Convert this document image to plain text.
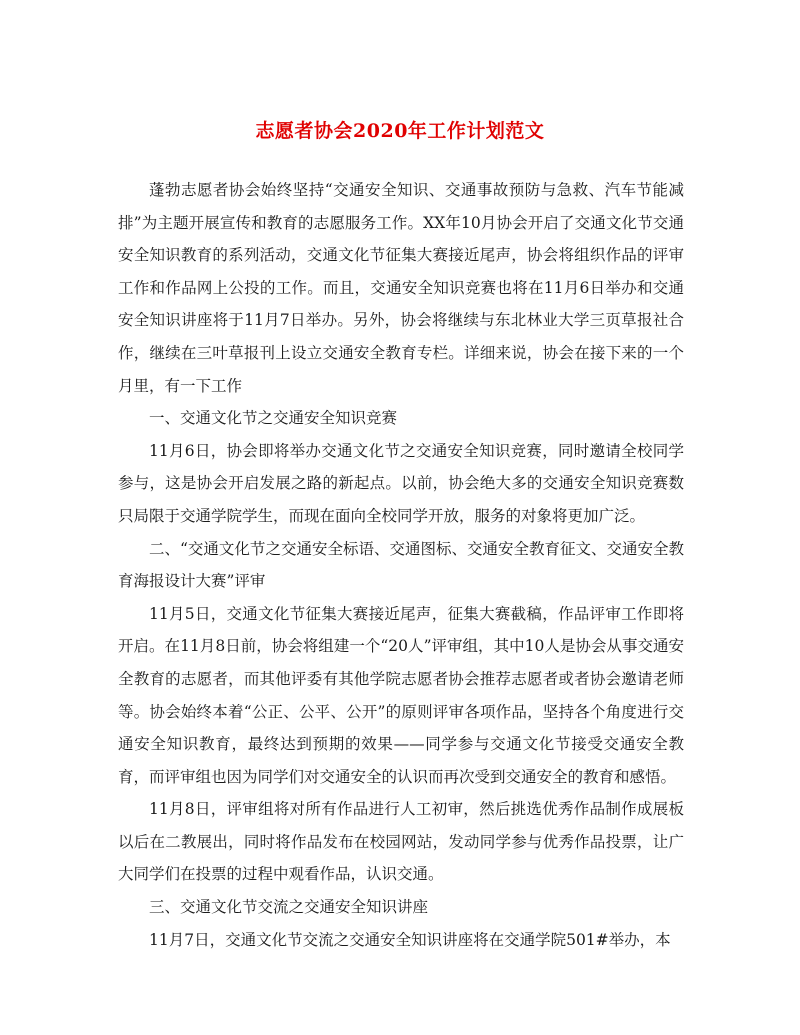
志愿者协会2020年工作计划范文

蓬勃志愿者协会始终坚持“交通安全知识、交通事故预防与急救、汽车节能减排”为主题开展宣传和教育的志愿服务工作。XX年10月协会开启了交通文化节交通安全知识教育的系列活动，交通文化节征集大赛接近尾声，协会将组织作品的评审工作和作品网上公投的工作。而且，交通安全知识竞赛也将在11月6日举办和交通安全知识讲座将于11月7日举办。另外，协会将继续与东北林业大学三页草报社合作，继续在三叶草报刊上设立交通安全教育专栏。详细来说，协会在接下来的一个月里，有一下工作

一、交通文化节之交通安全知识竞赛

11月6日，协会即将举办交通文化节之交通安全知识竞赛，同时邀请全校同学参与，这是协会开启发展之路的新起点。以前，协会绝大多的交通安全知识竞赛数只局限于交通学院学生，而现在面向全校同学开放，服务的对象将更加广泛。

二、“交通文化节之交通安全标语、交通图标、交通安全教育征文、交通安全教育海报设计大赛”评审

11月5日，交通文化节征集大赛接近尾声，征集大赛截稿，作品评审工作即将开启。在11月8日前，协会将组建一个“20人”评审组，其中10人是协会从事交通安全教育的志愿者，而其他评委有其他学院志愿者协会推荐志愿者或者协会邀请老师等。协会始终本着“公正、公平、公开”的原则评审各项作品，坚持各个角度进行交通安全知识教育，最终达到预期的效果——同学参与交通文化节接受交通安全教育，而评审组也因为同学们对交通安全的认识而再次受到交通安全的教育和感悟。

11月8日，评审组将对所有作品进行人工初审，然后挑选优秀作品制作成展板以后在二教展出，同时将作品发布在校园网站，发动同学参与优秀作品投票，让广大同学们在投票的过程中观看作品，认识交通。

三、交通文化节交流之交通安全知识讲座

11月7日，交通文化节交流之交通安全知识讲座将在交通学院501#举办，本
